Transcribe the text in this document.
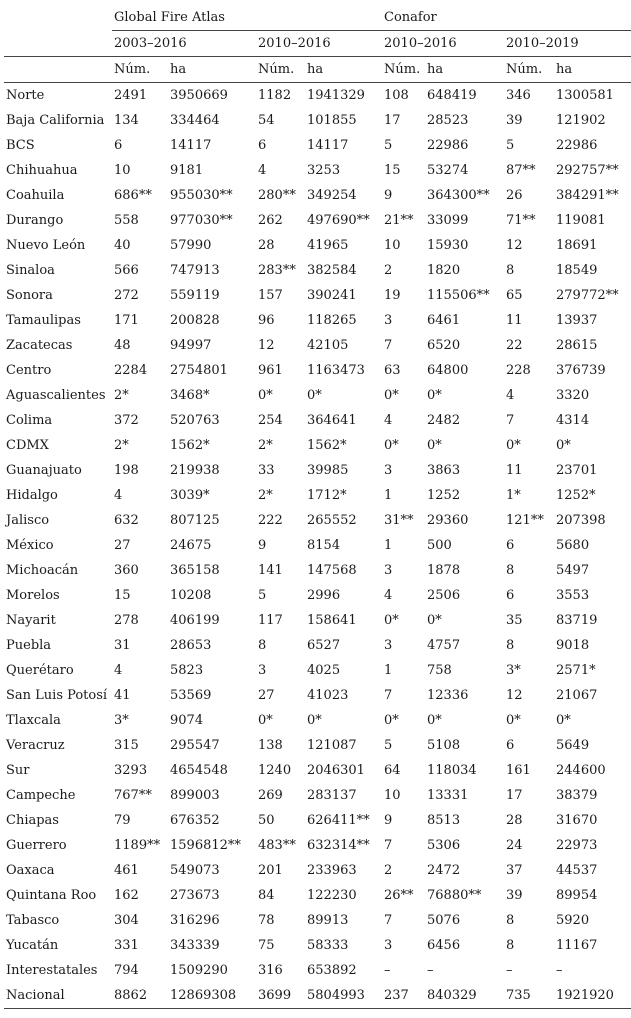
	Global Fire Atlas				Conafor			
	2003–2016		2010–2016		2010–2016		2010–2019	
	Núm.	ha	Núm.	ha	Núm.	ha	Núm.	ha
Norte	2491	3950669	1182	1941329	108	648419	346	1300581
Baja California	134	334464	54	101855	17	28523	39	121902
BCS	6	14117	6	14117	5	22986	5	22986
Chihuahua	10	9181	4	3253	15	53274	87**	292757**
Coahuila	686**	955030**	280**	349254	9	364300**	26	384291**
Durango	558	977030**	262	497690**	21**	33099	71**	119081
Nuevo León	40	57990	28	41965	10	15930	12	18691
Sinaloa	566	747913	283**	382584	2	1820	8	18549
Sonora	272	559119	157	390241	19	115506**	65	279772**
Tamaulipas	171	200828	96	118265	3	6461	11	13937
Zacatecas	48	94997	12	42105	7	6520	22	28615
Centro	2284	2754801	961	1163473	63	64800	228	376739
Aguascalientes	2*	3468*	0*	0*	0*	0*	4	3320
Colima	372	520763	254	364641	4	2482	7	4314
CDMX	2*	1562*	2*	1562*	0*	0*	0*	0*
Guanajuato	198	219938	33	39985	3	3863	11	23701
Hidalgo	4	3039*	2*	1712*	1	1252	1*	1252*
Jalisco	632	807125	222	265552	31**	29360	121**	207398
México	27	24675	9	8154	1	500	6	5680
Michoacán	360	365158	141	147568	3	1878	8	5497
Morelos	15	10208	5	2996	4	2506	6	3553
Nayarit	278	406199	117	158641	0*	0*	35	83719
Puebla	31	28653	8	6527	3	4757	8	9018
Querétaro	4	5823	3	4025	1	758	3*	2571*
San Luis Potosí	41	53569	27	41023	7	12336	12	21067
Tlaxcala	3*	9074	0*	0*	0*	0*	0*	0*
Veracruz	315	295547	138	121087	5	5108	6	5649
Sur	3293	4654548	1240	2046301	64	118034	161	244600
Campeche	767**	899003	269	283137	10	13331	17	38379
Chiapas	79	676352	50	626411**	9	8513	28	31670
Guerrero	1189**	1596812**	483**	632314**	7	5306	24	22973
Oaxaca	461	549073	201	233963	2	2472	37	44537
Quintana Roo	162	273673	84	122230	26**	76880**	39	89954
Tabasco	304	316296	78	89913	7	5076	8	5920
Yucatán	331	343339	75	58333	3	6456	8	11167
Interestatales	794	1509290	316	653892	–	–	–	–
Nacional	8862	12869308	3699	5804993	237	840329	735	1921920
